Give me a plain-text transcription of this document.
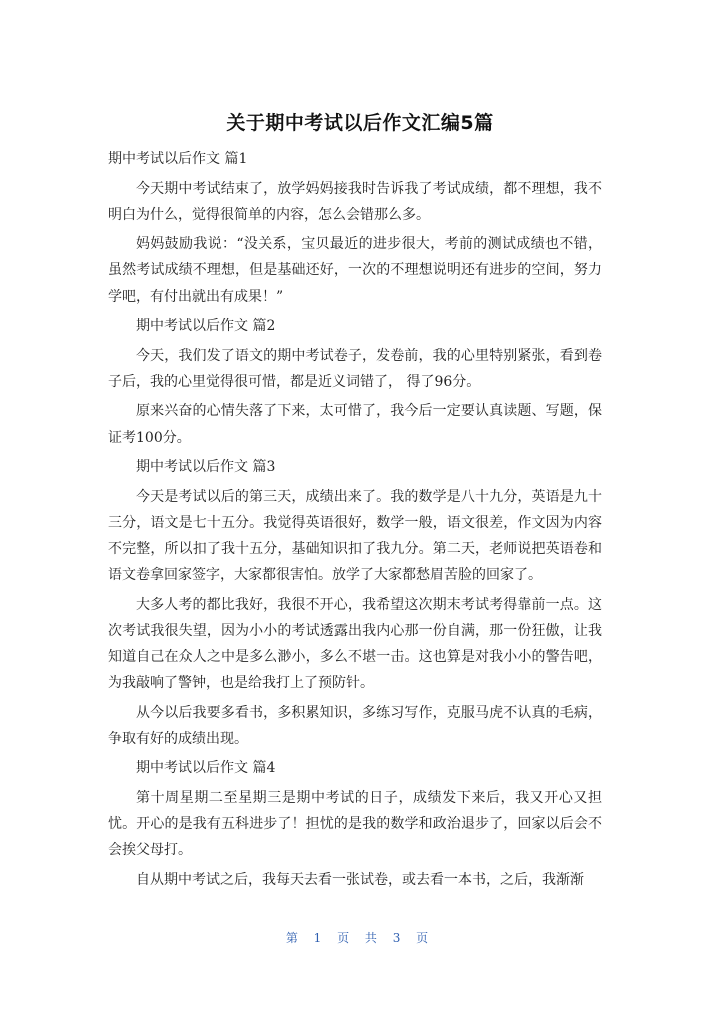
关于期中考试以后作文汇编5篇

期中考试以后作文 篇1

今天期中考试结束了，放学妈妈接我时告诉我了考试成绩，都不理想，我不明白为什么，觉得很简单的内容，怎么会错那么多。

妈妈鼓励我说：“没关系，宝贝最近的进步很大，考前的测试成绩也不错，虽然考试成绩不理想，但是基础还好，一次的不理想说明还有进步的空间，努力学吧，有付出就出有成果！”

期中考试以后作文 篇2

今天，我们发了语文的期中考试卷子，发卷前，我的心里特别紧张，看到卷子后，我的心里觉得很可惜，都是近义词错了， 得了96分。

原来兴奋的心情失落了下来，太可惜了，我今后一定要认真读题、写题，保证考100分。

期中考试以后作文 篇3

今天是考试以后的第三天，成绩出来了。我的数学是八十九分，英语是九十三分，语文是七十五分。我觉得英语很好，数学一般，语文很差，作文因为内容不完整，所以扣了我十五分，基础知识扣了我九分。第二天，老师说把英语卷和语文卷拿回家签字，大家都很害怕。放学了大家都愁眉苦脸的回家了。

大多人考的都比我好，我很不开心，我希望这次期末考试考得靠前一点。这次考试我很失望，因为小小的考试透露出我内心那一份自满，那一份狂傲，让我知道自己在众人之中是多么渺小，多么不堪一击。这也算是对我小小的警告吧，为我敲响了警钟，也是给我打上了预防针。

从今以后我要多看书，多积累知识，多练习写作，克服马虎不认真的毛病，争取有好的成绩出现。

期中考试以后作文 篇4

第十周星期二至星期三是期中考试的日子，成绩发下来后，我又开心又担忧。开心的是我有五科进步了！担忧的是我的数学和政治退步了，回家以后会不会挨父母打。

自从期中考试之后，我每天去看一张试卷，或去看一本书，之后，我渐渐

第 1 页 共 3 页
